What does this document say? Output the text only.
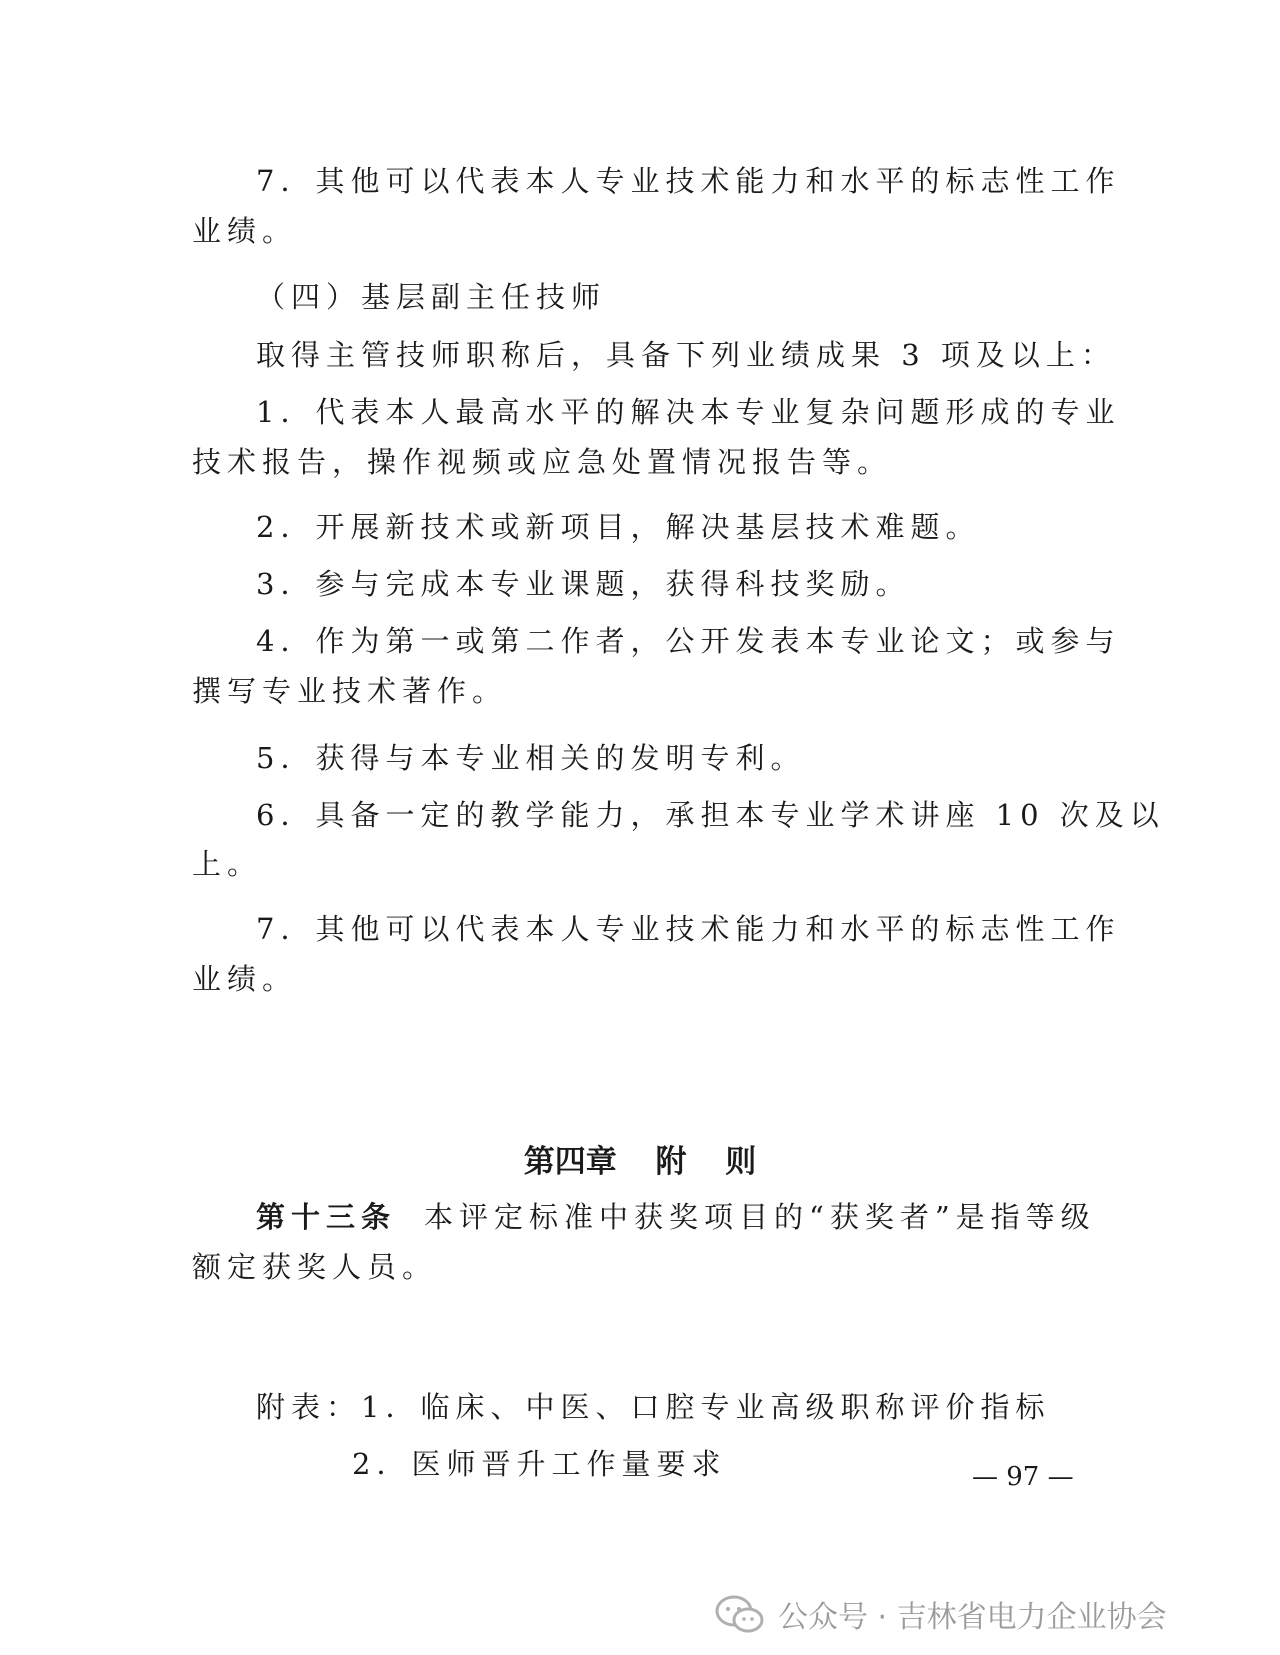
7．其他可以代表本人专业技术能力和水平的标志性工作

业绩。

（四）基层副主任技师

取得主管技师职称后，具备下列业绩成果 3 项及以上：

1．代表本人最高水平的解决本专业复杂问题形成的专业

技术报告，操作视频或应急处置情况报告等。

2．开展新技术或新项目，解决基层技术难题。

3．参与完成本专业课题，获得科技奖励。

4．作为第一或第二作者，公开发表本专业论文；或参与

撰写专业技术著作。

5．获得与本专业相关的发明专利。

6．具备一定的教学能力，承担本专业学术讲座 10 次及以

上。

7．其他可以代表本人专业技术能力和水平的标志性工作

业绩。

第四章 附 则

第十三条 本评定标准中获奖项目的“获奖者”是指等级

额定获奖人员。

附表：1．临床、中医、口腔专业高级职称评价指标

2．医师晋升工作量要求	— 97 —
公众号 · 吉林省电力企业协会
